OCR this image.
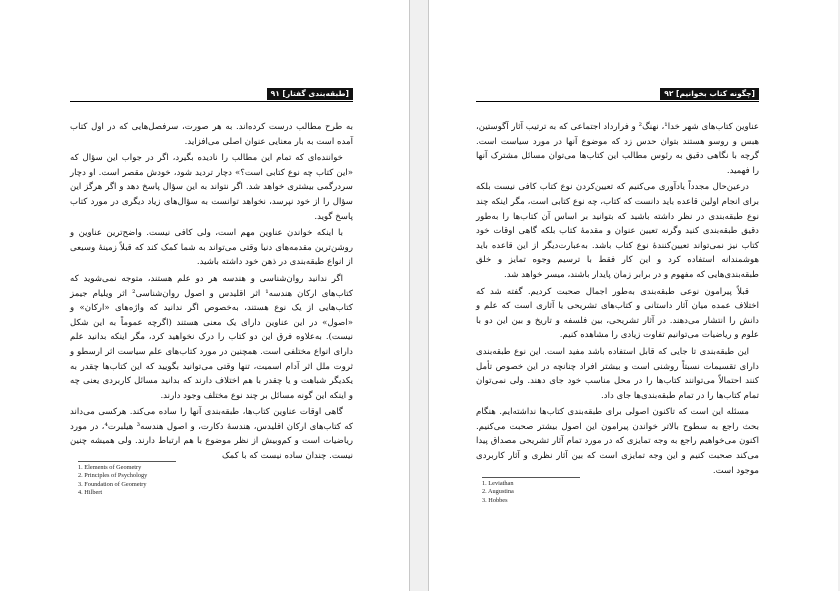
[طبقه‌بندی گفتار] ۹۱

به طرح مطالب درست کرده‌اند. به هر صورت، سرفصل‌هایی که در اول کتاب آمده است به بار معنایی عنوان اصلی می‌افزاید.

خواننده‌ای که تمام این مطالب را نادیده بگیرد، اگر در جواب این سؤال که «این کتاب چه نوع کتابی است؟» دچار تردید شود، خودش مقصر است. او دچار سردرگمی بیشتری خواهد شد. اگر نتواند به این سؤال پاسخ دهد و اگر هرگز این سؤال را از خود نپرسد، نخواهد توانست به سؤال‌های زیاد دیگری در مورد کتاب پاسخ گوید.

با اینکه خواندن عناوین مهم است، ولی کافی نیست. واضح‌ترین عناوین و روشن‌ترین مقدمه‌های دنیا وقتی می‌تواند به شما کمک کند که قبلاً زمینهٔ وسیعی از انواع طبقه‌بندی در ذهن خود داشته باشید.

اگر ندانید روان‌شناسی و هندسه هر دو علم هستند، متوجه نمی‌شوید که کتاب‌های ارکان هندسه¹ اثر اقلیدس و اصول روان‌شناسی² اثر ویلیام جیمز کتاب‌هایی از یک نوع هستند، به‌خصوص اگر ندانید که واژه‌های «ارکان» و «اصول» در این عناوین دارای یک معنی هستند (اگرچه عموماً به این شکل نیست). به‌علاوه فرق این دو کتاب را درک نخواهید کرد، مگر اینکه بدانید علم دارای انواع مختلفی است. همچنین در مورد کتاب‌های علم سیاست اثر ارسطو و ثروت ملل اثر آدام اسمیت، تنها وقتی می‌توانید بگویید که این کتاب‌ها چقدر به یکدیگر شباهت و یا چقدر با هم اختلاف دارند که بدانید مسائل کاربردی یعنی چه و اینکه این گونه مسائل بر چند نوع مختلف وجود دارند.

گاهی اوقات عناوین کتاب‌ها، طبقه‌بندی آنها را ساده می‌کند. هرکسی می‌داند که کتاب‌های ارکان اقلیدس، هندسهٔ دکارت، و اصول هندسه³ هیلبرت⁴، در مورد ریاضیات است و کم‌وبیش از نظر موضوع با هم ارتباط دارند. ولی همیشه چنین نیست. چندان ساده نیست که با کمک

1. Elements of Geometry
2. Principles of Psychology
3. Foundation of Geometry
4. Hilbert
[چگونه کتاب بخوانیم] ۹۲

عناوین کتاب‌های شهر خدا¹، نهنگ² و فرارداد اجتماعی که به ترتیب آثار آگوستین، هبس و روسو هستند بتوان حدس زد که موضوع آنها در مورد سیاست است. گرچه با نگاهی دقیق به رئوس مطالب این کتاب‌ها می‌توان مسائل مشترک آنها را فهمید.

درعین‌حال مجدداً یادآوری می‌کنیم که تعیین‌کردن نوع کتاب کافی نیست بلکه برای انجام اولین قاعده باید دانست که کتاب، چه نوع کتابی است، مگر اینکه چند نوع طبقه‌بندی در نظر داشته باشید که بتوانید بر اساس آن کتاب‌ها را به‌طور دقیق طبقه‌بندی کنید وگرنه تعیین عنوان و مقدمهٔ کتاب بلکه گاهی اوقات خود کتاب نیز نمی‌تواند تعیین‌کنندهٔ نوع کتاب باشد. به‌عبارت‌دیگر از این قاعده باید هوشمندانه استفاده کرد و این کار فقط با ترسیم وجوه تمایز و خلق طبقه‌بندی‌هایی که مفهوم و در برابر زمان پایدار باشند، میسر خواهد شد.

قبلاً پیرامون نوعی طبقه‌بندی به‌طور اجمال صحبت کردیم. گفته شد که اختلاف عمده میان آثار داستانی و کتاب‌های تشریحی یا آثاری است که علم و دانش را انتشار می‌دهند. در آثار تشریحی، بین فلسفه و تاریخ و بین این دو با علوم و ریاضیات می‌توانیم تفاوت زیادی را مشاهده کنیم.

این طبقه‌بندی تا جایی که قابل استفاده باشد مفید است. این نوع طبقه‌بندی دارای تقسیمات نسبتاً روشنی است و بیشتر افراد چنانچه در این خصوص تأمل کنند احتمالاً می‌توانند کتاب‌ها را در محل مناسب خود جای دهند. ولی نمی‌توان تمام کتاب‌ها را در تمام طبقه‌بندی‌ها جای داد.

مسئله این است که تاکنون اصولی برای طبقه‌بندی کتاب‌ها نداشته‌ایم. هنگام بحث راجع به سطوح بالاتر خواندن پیرامون این اصول بیشتر صحبت می‌کنیم. اکنون می‌خواهیم راجع به وجه تمایزی که در مورد تمام آثار تشریحی مصداق پیدا می‌کند صحبت کنیم و این وجه تمایزی است که بین آثار نظری و آثار کاربردی موجود است.

1. Leviathan
2. Augustina
3. Hobbes
